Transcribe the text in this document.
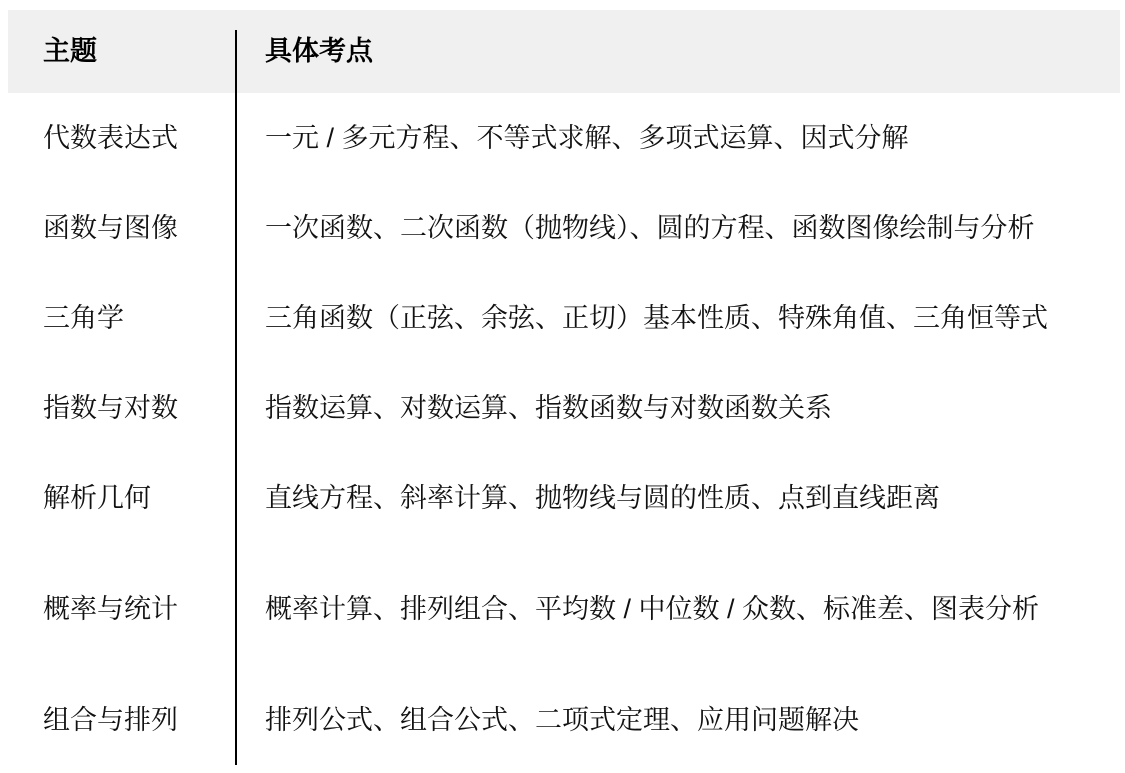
主题	具体考点
代数表达式	一元 / 多元方程、不等式求解、多项式运算、因式分解
函数与图像	一次函数、二次函数（抛物线）、圆的方程、函数图像绘制与分析
三角学	三角函数（正弦、余弦、正切）基本性质、特殊角值、三角恒等式
指数与对数	指数运算、对数运算、指数函数与对数函数关系
解析几何	直线方程、斜率计算、抛物线与圆的性质、点到直线距离
概率与统计	概率计算、排列组合、平均数 / 中位数 / 众数、标准差、图表分析
组合与排列	排列公式、组合公式、二项式定理、应用问题解决
